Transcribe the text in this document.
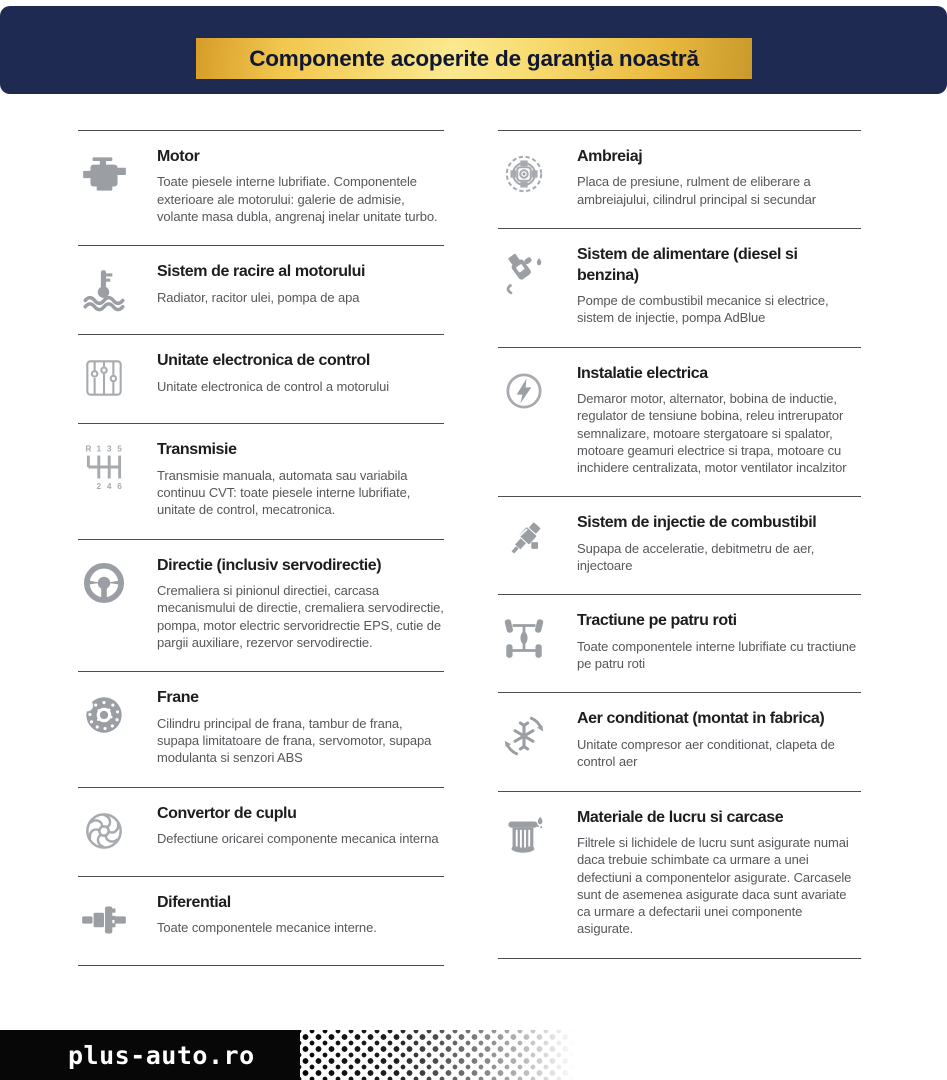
Componente acoperite de garanţia noastră
Motor

Toate piesele interne lubrifiate. Componentele exterioare ale motorului: galerie de admisie, volante masa dubla, angrenaj inelar unitate turbo.

Sistem de racire al motorului

Radiator, racitor ulei, pompa de apa

Unitate electronica de control

Unitate electronica de control a motorului

R 1 3 5
2 4 6
Transmisie

Transmisie manuala, automata sau variabila continuu CVT: toate piesele interne lubrifiate, unitate de control, mecatronica.

Directie (inclusiv servodirectie)

Cremaliera si pinionul directiei, carcasa mecanismului de directie, cremaliera servodirectie, pompa, motor electric servoridrectie EPS, cutie de pargii auxiliare, rezervor servodirectie.

Frane

Cilindru principal de frana, tambur de frana, supapa limitatoare de frana, servomotor, supapa modulanta si senzori ABS

Convertor de cuplu

Defectiune oricarei componente mecanica interna

Diferential

Toate componentele mecanice interne.

Ambreiaj

Placa de presiune, rulment de eliberare a ambreiajului, cilindrul principal si secundar

Sistem de alimentare (diesel si benzina)

Pompe de combustibil mecanice si electrice, sistem de injectie, pompa AdBlue

Instalatie electrica

Demaror motor, alternator, bobina de inductie, regulator de tensiune bobina, releu intrerupator semnalizare, motoare stergatoare si spalator, motoare geamuri electrice si trapa, motoare cu inchidere centralizata, motor ventilator incalzitor

Sistem de injectie de combustibil

Supapa de acceleratie, debitmetru de aer, injectoare

Tractiune pe patru roti

Toate componentele interne lubrifiate cu tractiune pe patru roti

Aer conditionat (montat in fabrica)

Unitate compresor aer conditionat, clapeta de control aer

Materiale de lucru si carcase

Filtrele si lichidele de lucru sunt asigurate numai daca trebuie schimbate ca urmare a unei defectiuni a componentelor asigurate. Carcasele sunt de asemenea asigurate daca sunt avariate ca urmare a defectarii unei componente asigurate.

plus-auto.ro
